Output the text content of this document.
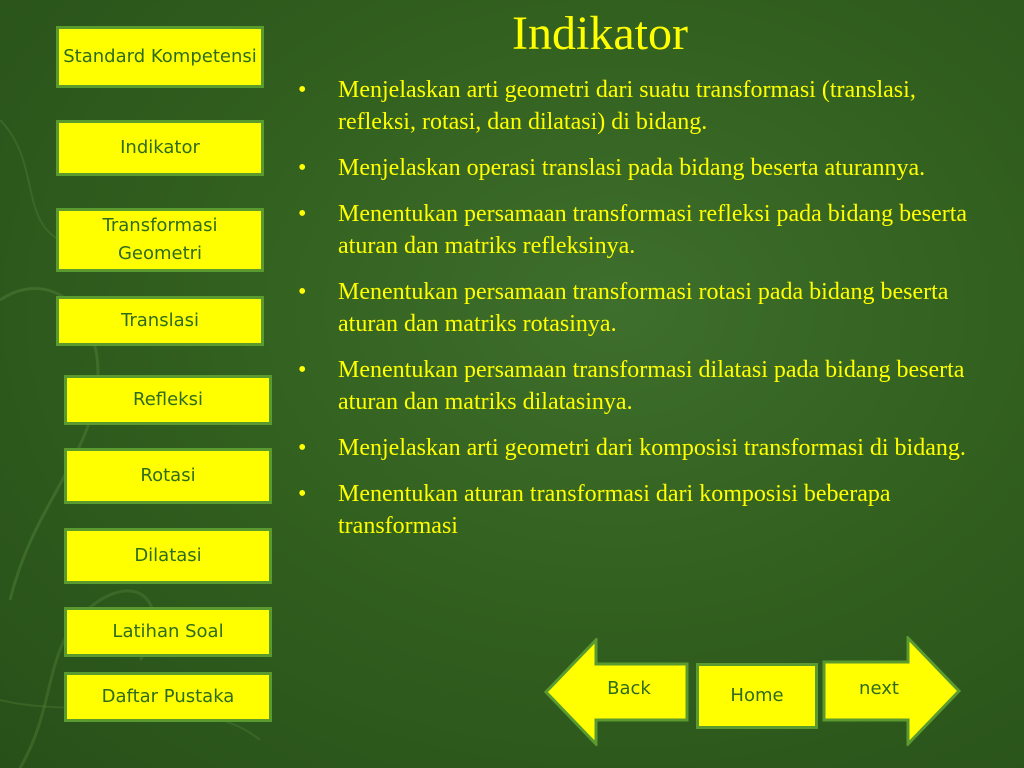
Standard Kompetensi
Indikator
Transformasi Geometri
Translasi
Refleksi
Rotasi
Dilatasi
Latihan Soal
Daftar Pustaka
Indikator
•	Menjelaskan arti geometri dari suatu transformasi (translasi, refleksi, rotasi, dan dilatasi) di bidang.
•	Menjelaskan operasi translasi pada bidang beserta aturannya.
•	Menentukan persamaan transformasi refleksi pada bidang beserta aturan dan matriks refleksinya.
•	Menentukan persamaan transformasi rotasi pada bidang beserta aturan dan matriks rotasinya.
•	Menentukan persamaan transformasi dilatasi pada bidang beserta aturan dan matriks dilatasinya.
•	Menjelaskan arti geometri dari komposisi transformasi di bidang.
•	Menentukan aturan transformasi dari komposisi beberapa transformasi
Back	Home	next
